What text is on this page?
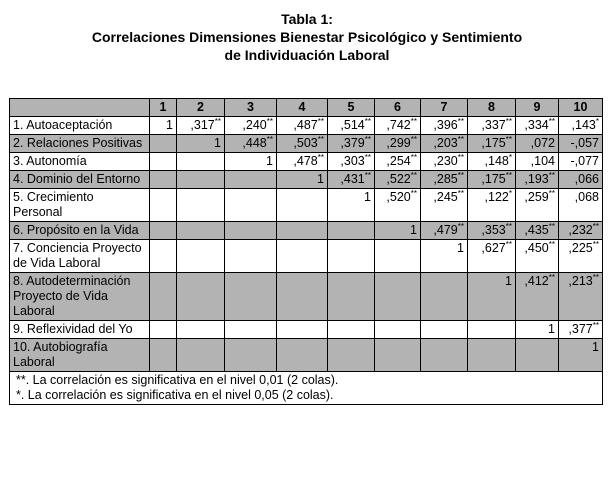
Tabla 1:
Correlaciones Dimensiones Bienestar Psicológico y Sentimiento
de Individuación Laboral
	1	2	3	4	5	6	7	8	9	10
1. Autoaceptación	1	,317**	,240**	,487**	,514**	,742**	,396**	,337**	,334**	,143*
2. Relaciones Positivas		1	,448**	,503**	,379**	,299**	,203**	,175**	,072	-,057
3. Autonomía			1	,478**	,303**	,254**	,230**	,148*	,104	-,077
4. Dominio del Entorno				1	,431**	,522**	,285**	,175**	,193**	,066
5. Crecimiento Personal					1	,520**	,245**	,122*	,259**	,068
6. Propósito en la Vida						1	,479**	,353**	,435**	,232**
7. Conciencia Proyecto de Vida Laboral							1	,627**	,450**	,225**
8. Autodeterminación Proyecto de Vida Laboral								1	,412**	,213**
9. Reflexividad del Yo									1	,377**
10. Autobiografía Laboral										1

**. La correlación es significativa en el nivel 0,01 (2 colas).
*. La correlación es significativa en el nivel 0,05 (2 colas).										
